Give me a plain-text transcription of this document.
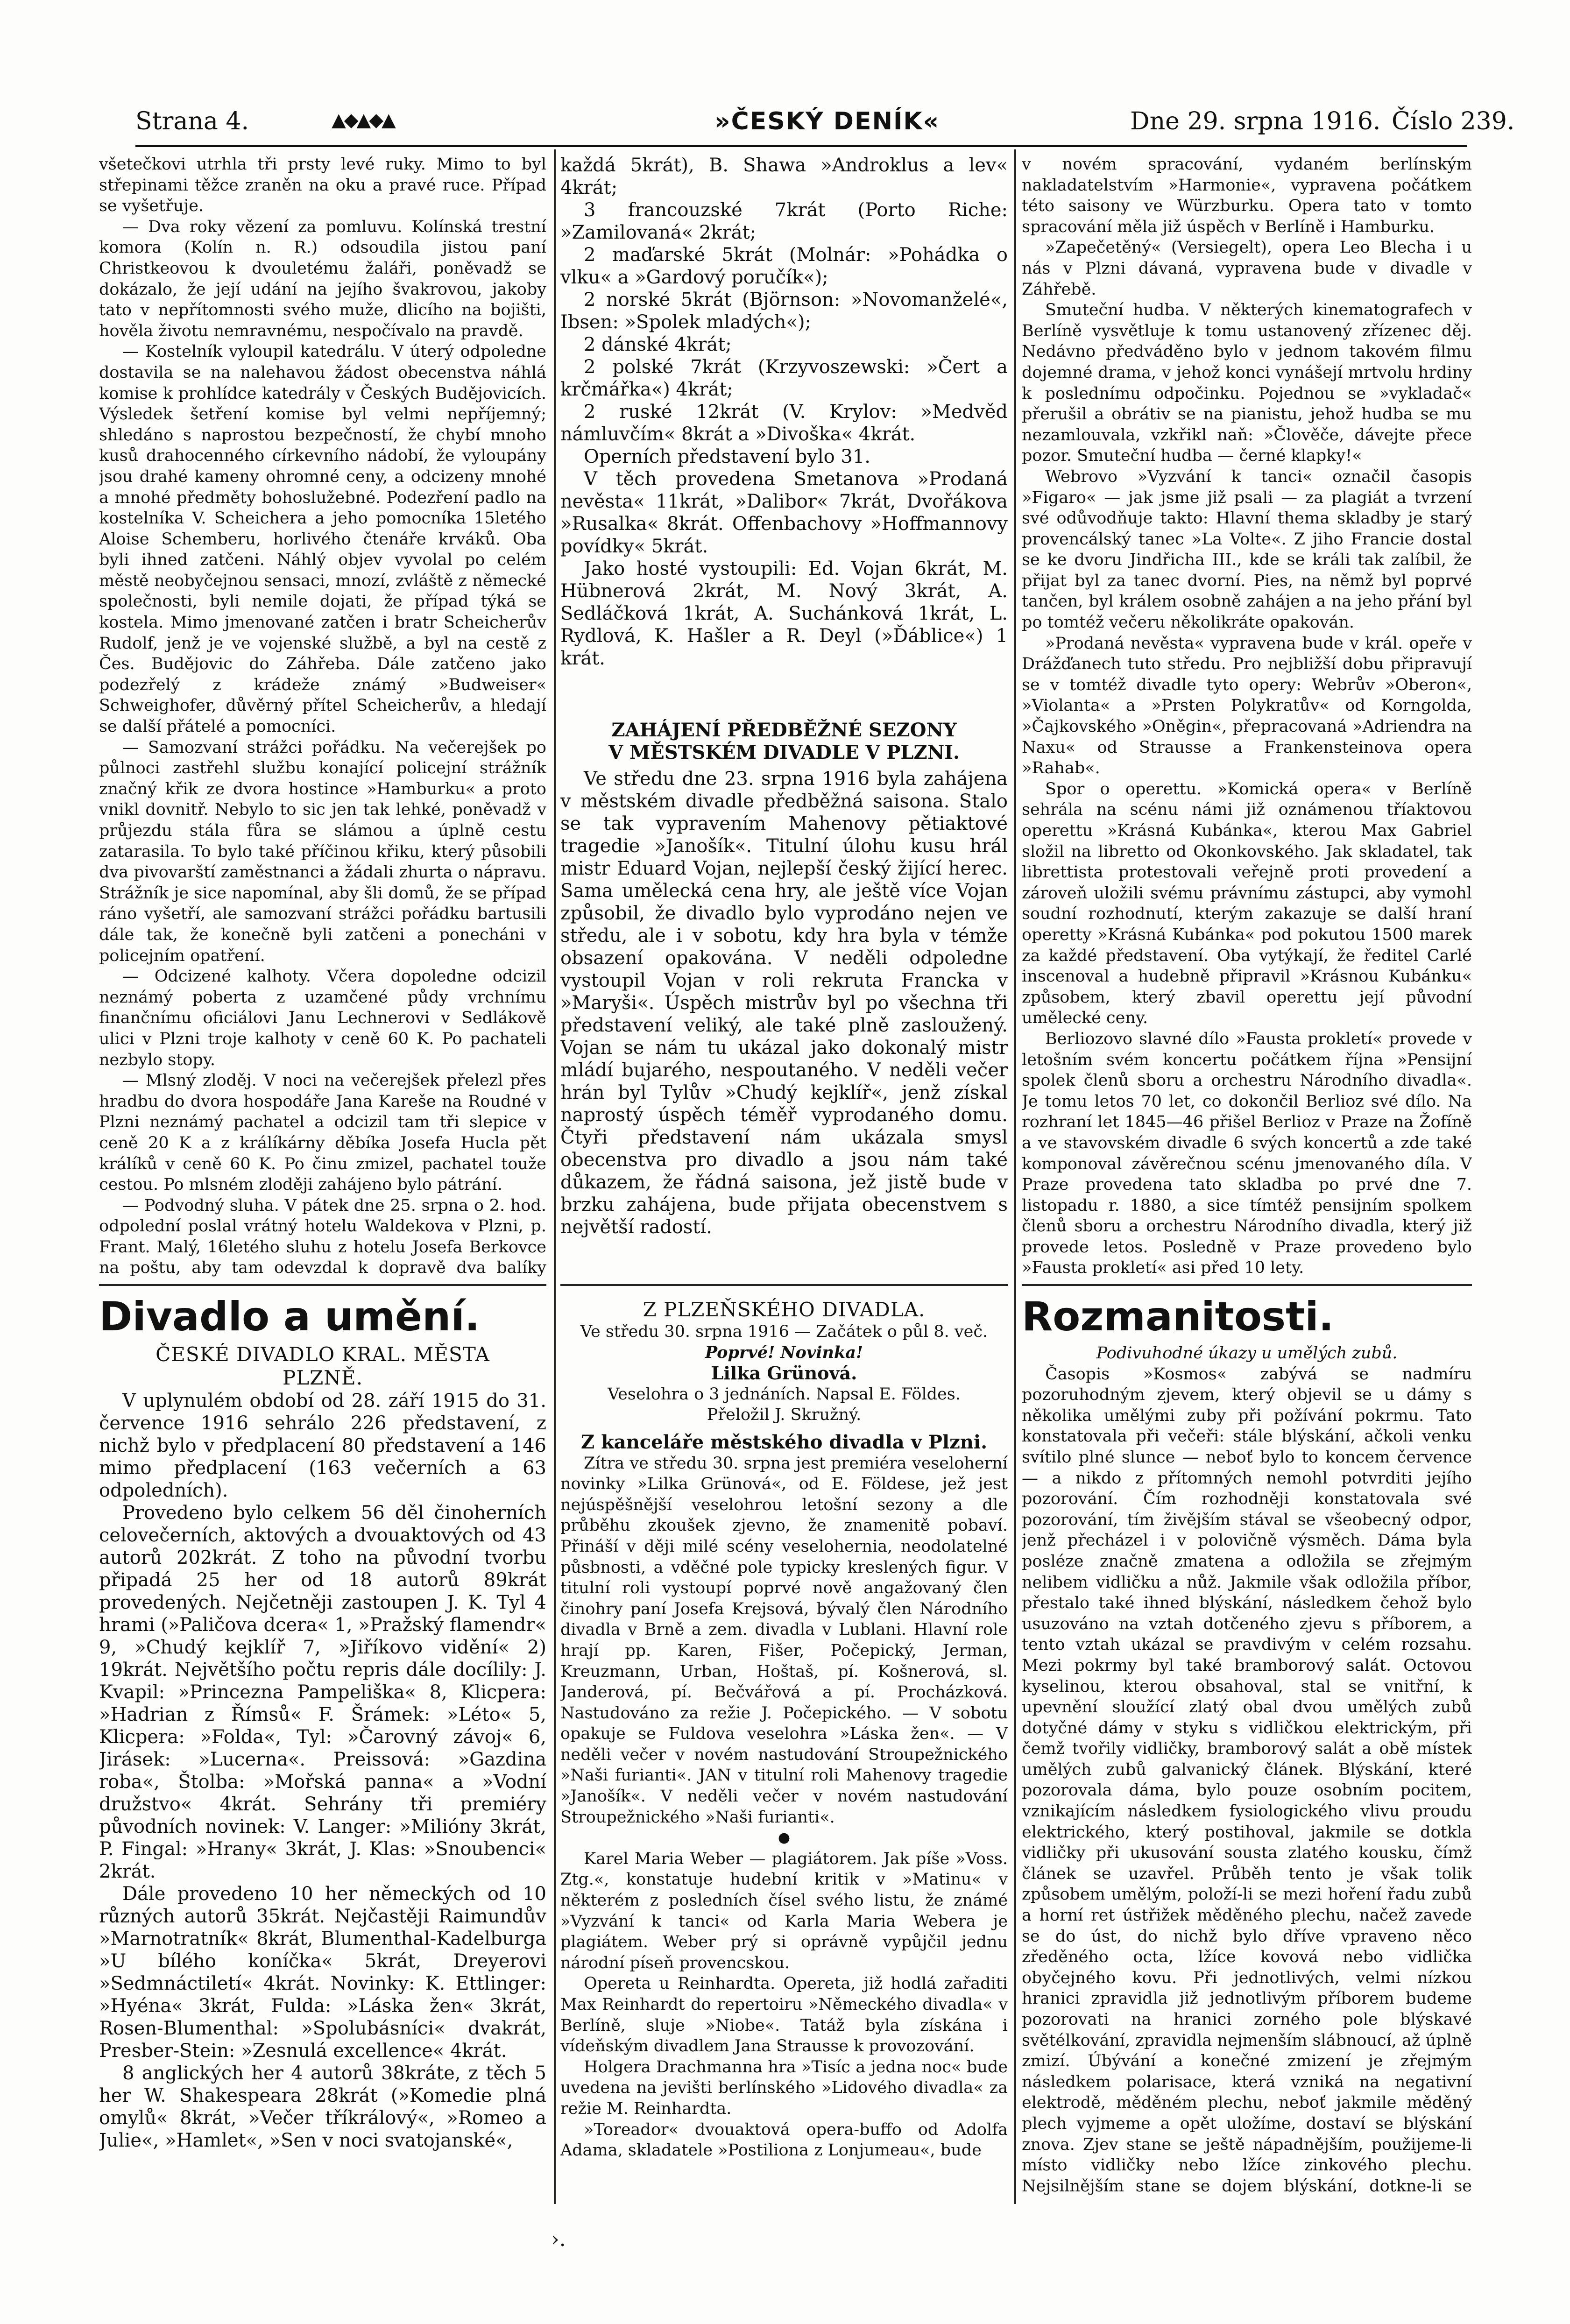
Strana 4.	▲◆▲◆▲	»ČESKÝ DENÍK«	Dne 29. srpna 1916. Číslo 239.

všetečkovi utrhla tři prsty levé ruky. Mimo to byl střepinami těžce zraněn na oku a pravé ruce. Případ se vyšetřuje.

— Dva roky vězení za pomluvu. Kolínská trestní komora (Kolín n. R.) odsoudila jistou paní Christkeovou k dvouletému žaláři, poněvadž se dokázalo, že její udání na jejího švakrovou, jakoby tato v nepřítomnosti svého muže, dlicího na bojišti, hověla životu nemravnému, nespočívalo na pravdě.

— Kostelník vyloupil katedrálu. V úterý odpoledne dostavila se na nalehavou žádost obecenstva náhlá komise k prohlídce katedrály v Českých Budějovicích. Výsledek šetření komise byl velmi nepříjemný; shledáno s naprostou bezpečností, že chybí mnoho kusů drahocenného církevního nádobí, že vyloupány jsou drahé kameny ohromné ceny, a odcizeny mnohé a mnohé předměty bohoslužebné. Podezření padlo na kostelníka V. Scheichera a jeho pomocníka 15letého Aloise Schemberu, horlivého čtenáře krváků. Oba byli ihned zatčeni. Náhlý objev vyvolal po celém městě neobyčejnou sensaci, mnozí, zvláště z německé společnosti, byli nemile dojati, že případ týká se kostela. Mimo jmenované zatčen i bratr Scheicherův Rudolf, jenž je ve vojenské službě, a byl na cestě z Čes. Budějovic do Záhřeba. Dále zatčeno jako podezřelý z krádeže známý »Budweiser« Schweighofer, důvěrný přítel Scheicherův, a hledají se další přátelé a pomocníci.

— Samozvaní strážci pořádku. Na večerejšek po půlnoci zastřehl službu konající policejní strážník značný křik ze dvora hostince »Hamburku« a proto vnikl dovnitř. Nebylo to sic jen tak lehké, poněvadž v průjezdu stála fůra se slámou a úplně cestu zatarasila. To bylo také příčinou křiku, který působili dva pivovarští zaměstnanci a žádali zhurta o nápravu. Strážník je sice napomínal, aby šli domů, že se případ ráno vyšetří, ale samozvaní strážci pořádku bartusili dále tak, že konečně byli zatčeni a ponecháni v policejním opatření.

— Odcizené kalhoty. Včera dopoledne odcizil neznámý poberta z uzamčené půdy vrchnímu finančnímu oficiálovi Janu Lechnerovi v Sedlákově ulici v Plzni troje kalhoty v ceně 60 K. Po pachateli nezbylo stopy.

— Mlsný zloděj. V noci na večerejšek přelezl přes hradbu do dvora hospodáře Jana Kareše na Roudné v Plzni neznámý pachatel a odcizil tam tři slepice v ceně 20 K a z králíkárny děbíka Josefa Hucla pět králíků v ceně 60 K. Po činu zmizel, pachatel touže cestou. Po mlsném zloději zahájeno bylo pátrání.

— Podvodný sluha. V pátek dne 25. srpna o 2. hod. odpolední poslal vrátný hotelu Waldekova v Plzni, p. Frant. Malý, 16letého sluhu z hotelu Josefa Berkovce na poštu, aby tam odevzdal k dopravě dva balíky

Divadlo a umění.
ČESKÉ DIVADLO KRAL. MĚSTA
PLZNĚ.

V uplynulém období od 28. září 1915 do 31. července 1916 sehrálo 226 představení, z nichž bylo v předplacení 80 představení a 146 mimo předplacení (163 večerních a 63 odpoledních).

Provedeno bylo celkem 56 děl činoherních celovečerních, aktových a dvouaktových od 43 autorů 202krát. Z toho na původní tvorbu připadá 25 her od 18 autorů 89krát provedených. Nejčetněji zastoupen J. K. Tyl 4 hrami (»Paličova dcera« 1, »Pražský flamendr« 9, »Chudý kejklíř 7, »Jiříkovo vidění« 2) 19krát. Největšího počtu repris dále docílily: J. Kvapil: »Princezna Pampeliška« 8, Klicpera: »Hadrian z Římsů« F. Šrámek: »Léto« 5, Klicpera: »Folda«, Tyl: »Čarovný závoj« 6, Jirásek: »Lucerna«. Preissová: »Gazdina roba«, Štolba: »Mořská panna« a »Vodní družstvo« 4krát. Sehrány tři premiéry původních novinek: V. Langer: »Milióny 3krát, P. Fingal: »Hrany« 3krát, J. Klas: »Snoubenci« 2krát.

Dále provedeno 10 her německých od 10 různých autorů 35krát. Nejčastěji Raimundův »Marnotratník« 8krát, Blumenthal-Kadelburga »U bílého koníčka« 5krát, Dreyerovi »Sedmnáctiletí« 4krát. Novinky: K. Ettlinger: »Hyéna« 3krát, Fulda: »Láska žen« 3krát, Rosen-Blumenthal: »Spolubásníci« dvakrát, Presber-Stein: »Zesnulá excellence« 4krát.

8 anglických her 4 autorů 38kráte, z těch 5 her W. Shakespeara 28krát (»Komedie plná omylů« 8krát, »Večer tříkrálový«, »Romeo a Julie«, »Hamlet«, »Sen v noci svatojanské«,

každá 5krát), B. Shawa »Androklus a lev« 4krát;

3 francouzské 7krát (Porto Riche: »Zamilovaná« 2krát;

2 maďarské 5krát (Molnár: »Pohádka o vlku« a »Gardový poručík«);

2 norské 5krát (Björnson: »Novomanželé«, Ibsen: »Spolek mladých«);

2 dánské 4krát;

2 polské 7krát (Krzyvoszewski: »Čert a krčmářka«) 4krát;

2 ruské 12krát (V. Krylov: »Medvěd námluvčím« 8krát a »Divoška« 4krát.

Operních představení bylo 31.

V těch provedena Smetanova »Prodaná nevěsta« 11krát, »Dalibor« 7krát, Dvořákova »Rusalka« 8krát. Offenbachovy »Hoffmannovy povídky« 5krát.

Jako hosté vystoupili: Ed. Vojan 6krát, M. Hübnerová 2krát, M. Nový 3krát, A. Sedláčková 1krát, A. Suchánková 1krát, L. Rydlová, K. Hašler a R. Deyl (»Ďáblice«) 1 krát.

ZAHÁJENÍ PŘEDBĚŽNÉ SEZONY
V MĚSTSKÉM DIVADLE V PLZNI.

Ve středu dne 23. srpna 1916 byla zahájena v městském divadle předběžná saisona. Stalo se tak vypravením Mahenovy pětiaktové tragedie »Janošík«. Titulní úlohu kusu hrál mistr Eduard Vojan, nejlepší český žijící herec. Sama umělecká cena hry, ale ještě více Vojan způsobil, že divadlo bylo vyprodáno nejen ve středu, ale i v sobotu, kdy hra byla v témže obsazení opakována. V neděli odpoledne vystoupil Vojan v roli rekruta Francka v »Maryši«. Úspěch mistrův byl po všechna tři představení veliký, ale také plně zasloužený. Vojan se nám tu ukázal jako dokonalý mistr mládí bujarého, nespoutaného. V neděli večer hrán byl Tylův »Chudý kejklíř«, jenž získal naprostý úspěch téměř vyprodaného domu. Čtyři představení nám ukázala smysl obecenstva pro divadlo a jsou nám také důkazem, že řádná saisona, jež jistě bude v brzku zahájena, bude přijata obecenstvem s největší radostí.

Z PLZEŇSKÉHO DIVADLA.
Ve středu 30. srpna 1916 — Začátek o půl 8. več.
Poprvé! Novinka!
Lilka Grünová.
Veselohra o 3 jednáních. Napsal E. Földes.
Přeložil J. Skružný.
Z kanceláře městského divadla v Plzni.

Zítra ve středu 30. srpna jest premiéra veseloherní novinky »Lilka Grünová«, od E. Földese, jež jest nejúspěšnější veselohrou letošní sezony a dle průběhu zkoušek zjevno, že znamenitě pobaví. Přináší v ději milé scény veselohernia, neodolatelné půsbnosti, a vděčné pole typicky kreslených figur. V titulní roli vystoupí poprvé nově angažovaný člen činohry paní Josefa Krejsová, bývalý člen Národního divadla v Brně a zem. divadla v Lublani. Hlavní role hrají pp. Karen, Fišer, Počepický, Jerman, Kreuzmann, Urban, Hoštaš, pí. Košnerová, sl. Janderová, pí. Bečvářová a pí. Procházková. Nastudováno za režie J. Počepického. — V sobotu opakuje se Fuldova veselohra »Láska žen«. — V neděli večer v novém nastudování Stroupežnického »Naši furianti«. JAN v titulní roli Mahenovy tragedie »Janošík«. V neděli večer v novém nastudování Stroupežnického »Naši furianti«.

●

Karel Maria Weber — plagiátorem. Jak píše »Voss. Ztg.«, konstatuje hudební kritik v »Matinu« v některém z posledních čísel svého listu, že známé »Vyzvání k tanci« od Karla Maria Webera je plagiátem. Weber prý si oprávně vypůjčil jednu národní píseň provencskou.

Opereta u Reinhardta. Opereta, již hodlá zařaditi Max Reinhardt do repertoiru »Německého divadla« v Berlíně, sluje »Niobe«. Tatáž byla získána i vídeňským divadlem Jana Strausse k provozování.

Holgera Drachmanna hra »Tisíc a jedna noc« bude uvedena na jevišti berlínského »Lidového divadla« za režie M. Reinhardta.

»Toreador« dvouaktová opera-buffo od Adolfa Adama, skladatele »Postiliona z Lonjumeau«, bude

v novém spracování, vydaném berlínským nakladatelstvím »Harmonie«, vypravena počátkem této saisony ve Würzburku. Opera tato v tomto spracování měla již úspěch v Berlíně i Hamburku.

»Zapečetěný« (Versiegelt), opera Leo Blecha i u nás v Plzni dávaná, vypravena bude v divadle v Záhřebě.

Smuteční hudba. V některých kinematografech v Berlíně vysvětluje k tomu ustanovený zřízenec děj. Nedávno předváděno bylo v jednom takovém filmu dojemné drama, v jehož konci vynášejí mrtvolu hrdiny k poslednímu odpočinku. Pojednou se »vykladač« přerušil a obrátiv se na pianistu, jehož hudba se mu nezamlouvala, vzkřikl naň: »Člověče, dávejte přece pozor. Smuteční hudba — černé klapky!«

Webrovo »Vyzvání k tanci« označil časopis »Figaro« — jak jsme již psali — za plagiát a tvrzení své odůvodňuje takto: Hlavní thema skladby je starý provencálský tanec »La Volte«. Z jiho Francie dostal se ke dvoru Jindřicha III., kde se králi tak zalíbil, že přijat byl za tanec dvorní. Pies, na němž byl poprvé tančen, byl králem osobně zahájen a na jeho přání byl po tomtéž večeru několikráte opakován.

»Prodaná nevěsta« vypravena bude v král. opeře v Drážďanech tuto středu. Pro nejbližší dobu připravují se v tomtéž divadle tyto opery: Webrův »Oberon«, »Violanta« a »Prsten Polykratův« od Korngolda, »Čajkovského »Oněgin«, přepracovaná »Adriendra na Naxu« od Strausse a Frankensteinova opera »Rahab«.

Spor o operettu. »Komická opera« v Berlíně sehrála na scénu námi již oznámenou tříaktovou operettu »Krásná Kubánka«, kterou Max Gabriel složil na libretto od Okonkovského. Jak skladatel, tak librettista protestovali veřejně proti provedení a zároveň uložili svému právnímu zástupci, aby vymohl soudní rozhodnutí, kterým zakazuje se další hraní operetty »Krásná Kubánka« pod pokutou 1500 marek za každé představení. Oba vytýkají, že ředitel Carlé inscenoval a hudebně připravil »Krásnou Kubánku« způsobem, který zbavil operettu její původní umělecké ceny.

Berliozovo slavné dílo »Fausta prokletí« provede v letošním svém koncertu počátkem října »Pensijní spolek členů sboru a orchestru Národního divadla«. Je tomu letos 70 let, co dokončil Berlioz své dílo. Na rozhraní let 1845—46 přišel Berlioz v Praze na Žofíně a ve stavovském divadle 6 svých koncertů a zde také komponoval závěrečnou scénu jmenovaného díla. V Praze provedena tato skladba po prvé dne 7. listopadu r. 1880, a sice tímtéž pensijním spolkem členů sboru a orchestru Národního divadla, který již provede letos. Posledně v Praze provedeno bylo »Fausta prokletí« asi před 10 lety.

Rozmanitosti.
Podivuhodné úkazy u umělých zubů.

Časopis »Kosmos« zabývá se nadmíru pozoruhodným zjevem, který objevil se u dámy s několika umělými zuby při požívání pokrmu. Tato konstatovala při večeři: stále blýskání, ačkoli venku svítilo plné slunce — neboť bylo to koncem července — a nikdo z přítomných nemohl potvrditi jejího pozorování. Čím rozhodněji konstatovala své pozorování, tím živějším stával se všeobecný odpor, jenž přecházel i v polovičně výsměch. Dáma byla posléze značně zmatena a odložila se zřejmým nelibem vidličku a nůž. Jakmile však odložila příbor, přestalo také ihned blýskání, následkem čehož bylo usuzováno na vztah dotčeného zjevu s příborem, a tento vztah ukázal se pravdivým v celém rozsahu. Mezi pokrmy byl také bramborový salát. Octovou kyselinou, kterou obsahoval, stal se vnitřní, k upevnění sloužící zlatý obal dvou umělých zubů dotyčné dámy v styku s vidličkou elektrickým, při čemž tvořily vidličky, bramborový salát a obě místek umělých zubů galvanický článek. Blýskání, které pozorovala dáma, bylo pouze osobním pocitem, vznikajícím následkem fysiologického vlivu proudu elektrického, který postihoval, jakmile se dotkla vidličky při ukusování sousta zlatého kousku, čímž článek se uzavřel. Průběh tento je však tolik způsobem umělým, položí-li se mezi hoření řadu zubů a horní ret ústřižek měděného plechu, načež zavede se do úst, do nichž bylo dříve vpraveno něco zředěného octa, lžíce kovová nebo vidlička obyčejného kovu. Při jednotlivých, velmi nízkou hranici zpravidla již jednotlivým příborem budeme pozorovati na hranici zorného pole blýskavé světélkování, zpravidla nejmenším slábnoucí, až úplně zmizí. Úbývání a konečné zmizení je zřejmým následkem polarisace, která vzniká na negativní elektrodě, měděném plechu, neboť jakmile měděný plech vyjmeme a opět uložíme, dostaví se blýskání znova. Zjev stane se ještě nápadnějším, použijeme-li místo vidličky nebo lžíce zinkového plechu. Nejsilnějším stane se dojem blýskání, dotkne-li se

›.
